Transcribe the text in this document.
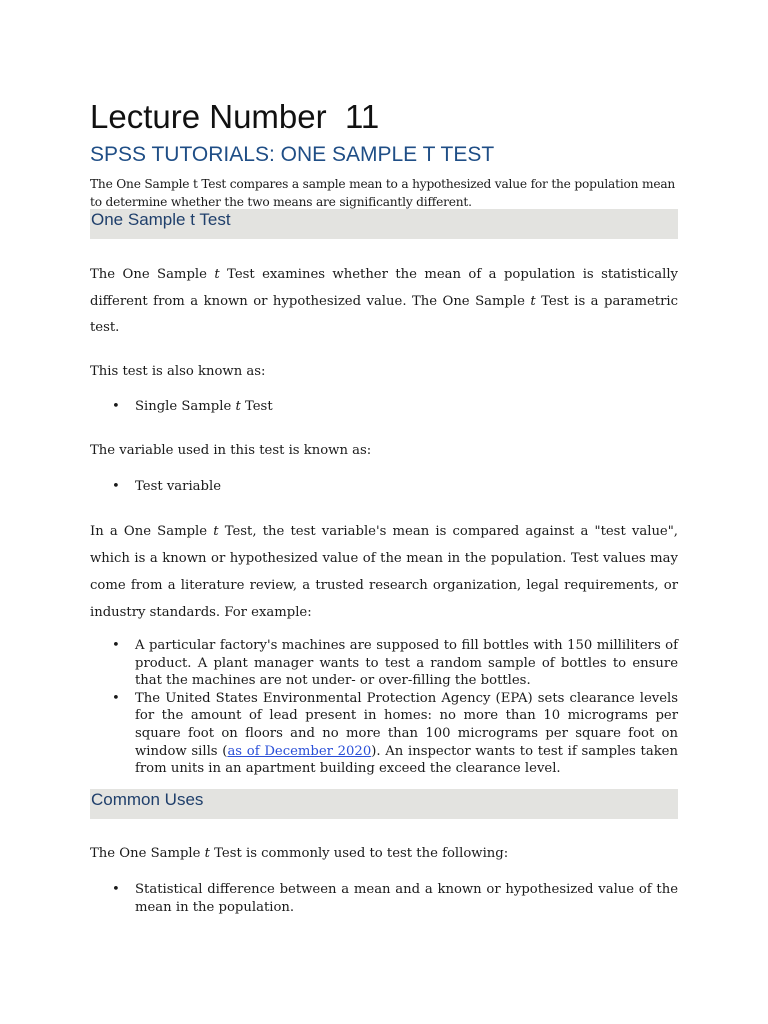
Lecture Number  11
SPSS TUTORIALS: ONE SAMPLE T TEST

The One Sample t Test compares a sample mean to a hypothesized value for the population mean to determine whether the two means are significantly different.

One Sample t Test

The One Sample t Test examines whether the mean of a population is statistically different from a known or hypothesized value. The One Sample t Test is a parametric test.

This test is also known as:

• Single Sample t Test

The variable used in this test is known as:

• Test variable

In a One Sample t Test, the test variable's mean is compared against a "test value", which is a known or hypothesized value of the mean in the population. Test values may come from a literature review, a trusted research organization, legal requirements, or industry standards. For example:

• A particular factory's machines are supposed to fill bottles with 150 milliliters of product. A plant manager wants to test a random sample of bottles to ensure that the machines are not under- or over-filling the bottles.
• The United States Environmental Protection Agency (EPA) sets clearance levels for the amount of lead present in homes: no more than 10 micrograms per square foot on floors and no more than 100 micrograms per square foot on window sills (as of December 2020). An inspector wants to test if samples taken from units in an apartment building exceed the clearance level.
Common Uses

The One Sample t Test is commonly used to test the following:

• Statistical difference between a mean and a known or hypothesized value of the mean in the population.
